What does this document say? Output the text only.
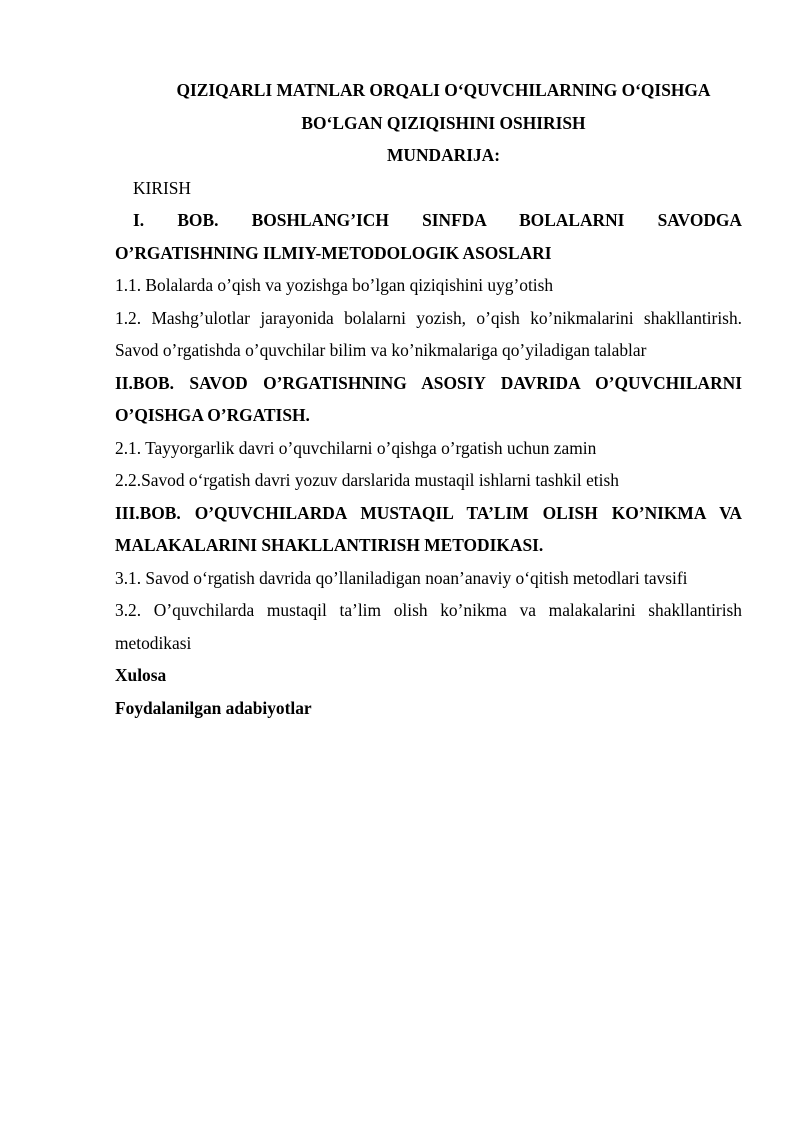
QIZIQARLI MATNLAR ORQALI O‘QUVCHILARNING O‘QISHGA

BO‘LGAN QIZIQISHINI OSHIRISH

MUNDARIJA:

KIRISH

I. BOB. BOSHLANG’ICH SINFDA BOLALARNI SAVODGA

O’RGATISHNING ILMIY-METODOLOGIK ASOSLARI

1.1. Bolalarda o’qish va yozishga bo’lgan qiziqishini uyg’otish

1.2. Mashg’ulotlar jarayonida bolalarni yozish, o’qish ko’nikmalarini shakllantirish.

Savod o’rgatishda o’quvchilar bilim va ko’nikmalariga qo’yiladigan talablar

II.BOB. SAVOD O’RGATISHNING ASOSIY DAVRIDA O’QUVCHILARNI

O’QISHGA O’RGATISH.

2.1. Tayyorgarlik davri o’quvchilarni o’qishga o’rgatish uchun zamin

2.2.Savod o‘rgatish davri yozuv darslarida mustaqil ishlarni tashkil etish

III.BOB. O’QUVCHILARDA MUSTAQIL TA’LIM OLISH KO’NIKMA VA

MALAKALARINI SHAKLLANTIRISH METODIKASI.

3.1. Savod o‘rgatish davrida qo’llaniladigan noan’anaviy o‘qitish metodlari tavsifi

3.2. O’quvchilarda mustaqil ta’lim olish ko’nikma va malakalarini shakllantirish

metodikasi

Xulosa

Foydalanilgan adabiyotlar
